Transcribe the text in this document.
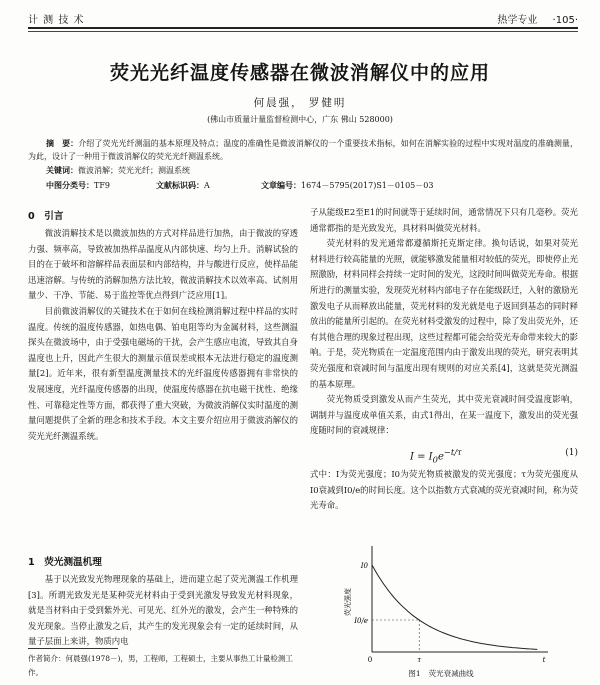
计 测 技 术	热学专业 ·105·
荧光光纤温度传感器在微波消解仪中的应用
何晨强， 罗健明
(佛山市质量计量监督检测中心，广东 佛山 528000)
摘　要：介绍了荧光光纤测温的基本原理及特点；温度的准确性是微波消解仪的一个重要技术指标，如何在消解实验的过程中实现对温度的准确测量，为此，设计了一种用于微波消解仪的荧光光纤测温系统。
关键词：微波消解；荧光光纤；测温系统
中图分类号：TF9	文献标识码：A	文章编号：1674－5795(2017)S1－0105－03
0　引言

微波消解技术是以微波加热的方式对样品进行加热，由于微波的穿透力强、频率高，导致被加热样品温度从内部快速、均匀上升。消解试验的目的在于破坏和溶解样品表面层和内部结构，并与酸进行反应，使样品能迅速溶解。与传统的消解加热方法比较，微波消解技术以效率高、试剂用量少、干净、节能、易于监控等优点得到广泛应用[1]。

目前微波消解仪的关键技术在于如何在线检测消解过程中样品的实时温度。传统的温度传感器，如热电偶、铂电阻等均为金属材料，这些测温探头在微波场中，由于受强电磁场的干扰，会产生感应电流，导致其自身温度也上升，因此产生很大的测量示值误差或根本无法进行稳定的温度测量[2]。近年来，很有新型温度测量技术的光纤温度传感器拥有非常快的发展速度，光纤温度传感器的出现，使温度传感器在抗电磁干扰性、绝缘性、可靠稳定性等方面，都获得了重大突破，为微波消解仪实时温度的测量问题提供了全新的理念和技术手段。本文主要介绍应用于微波消解仪的荧光光纤测温系统。

1　荧光测温机理

基于以光致发光物理现象的基础上，进而建立起了荧光测温工作机理[3]。所谓光致发光是某种荧光材料由于受到光激发导致发光材料现象，就是当材料由于受到紫外光、可见光、红外光的激发，会产生一种特殊的发光现象。当停止激发之后，其产生的发光现象会有一定的延续时间，从量子层面上来讲，物质内电

作者简介：何晨强(1978－)，男，工程师，工程硕士，主要从事热工计量检测工作。

子从能级E2至E1的时间就等于延续时间，通常情况下只有几毫秒。荧光通常都指的是光致发光，具材料叫做荧光材料。

荧光材料的发光通常都遵循斯托克斯定律。换句话说，如果对荧光材料进行较高能量的光照，就能够激发能量相对较低的荧光，即使停止光照激励，材料同样会持续一定时间的发光，这段时间叫做荧光寿命。根据所进行的测量实验，发现荧光材料内部电子存在能级跃迁，入射的激励光激发电子从而释放出能量，荧光材料的发光就是电子返回到基态的同时释放出的能量所引起的。在荧光材料受激发的过程中，除了发出荧光外，还有其他合理的现象过程出现，这些过程都可能会给荧光寿命带来较大的影响。于是，荧光物质在一定温度范围内由于激发出现的荧光，研究表明其荧光强度和衰减时间与温度出现有规则的对应关系[4]，这就是荧光测温的基本原理。

荧光物质受到激发从而产生荧光，其中荧光衰减时间受温度影响，调制并与温度成单值关系，由式1得出，在某一温度下，激发出的荧光强度随时间的衰减规律：

$I = I_0e^{-t/\tau}$	(1)

式中：I为荧光强度；I0为荧光物质被激发的荧光强度；τ为荧光强度从I0衰减到I0/e的时间长度。这个以指数方式衰减的荧光衰减时间，称为荧光寿命。

I0
I0/e
0	τ	t
荧光强度
图1 荧光衰减曲线
